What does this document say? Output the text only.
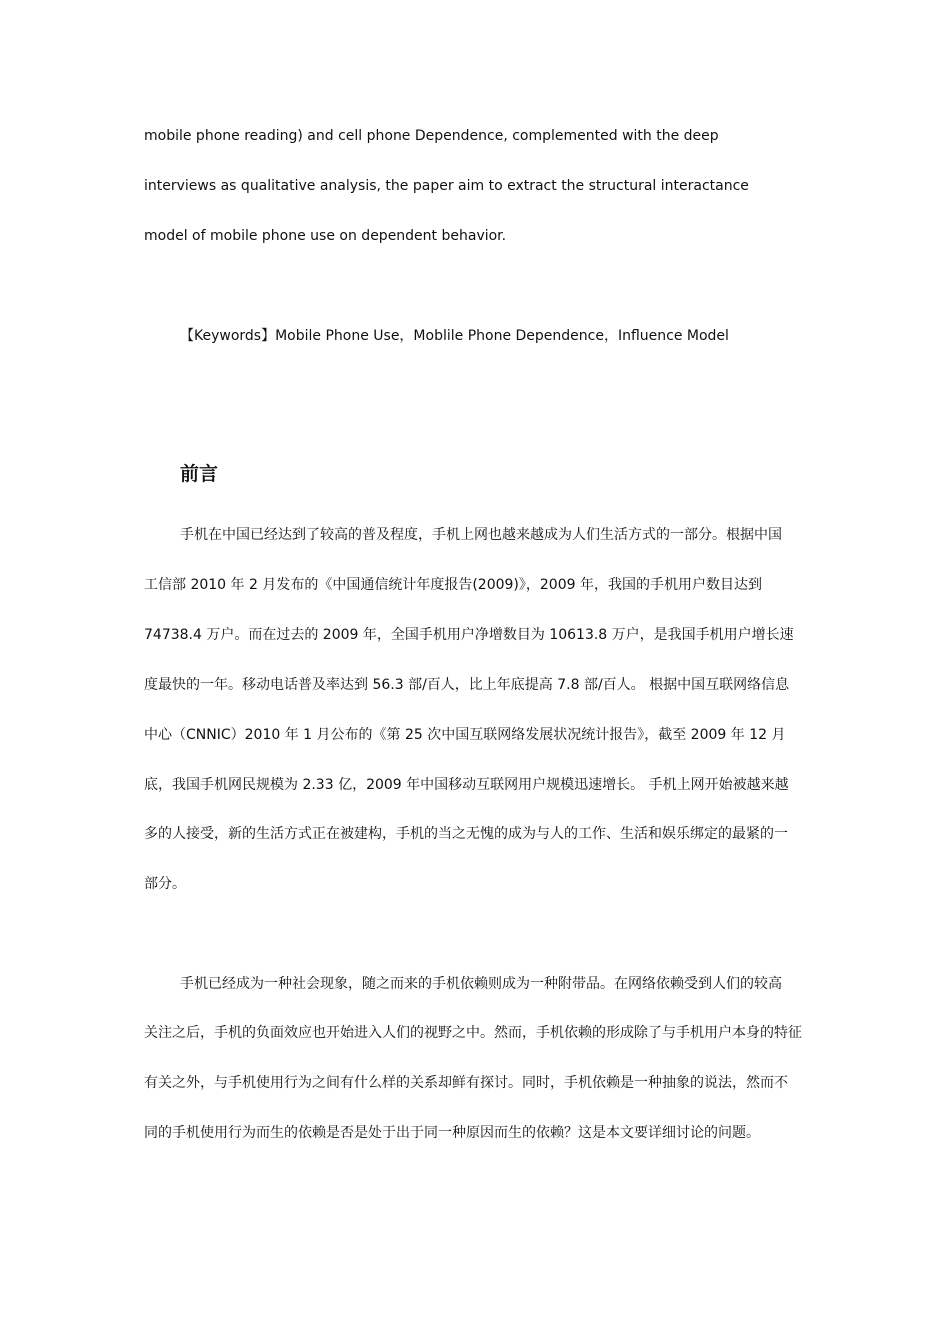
mobile phone reading) and cell phone Dependence, complemented with the deep
interviews as qualitative analysis, the paper aim to extract the structural interactance
model of mobile phone use on dependent behavior.
【Keywords】Mobile Phone Use，Moblile Phone Dependence，Influence Model
前言
手机在中国已经达到了较高的普及程度，手机上网也越来越成为人们生活方式的一部分。根据中国
工信部 2010 年 2 月发布的《中国通信统计年度报告(2009)》，2009 年，我国的手机用户数目达到
74738.4 万户。而在过去的 2009 年，全国手机用户净增数目为 10613.8 万户，是我国手机用户增长速
度最快的一年。移动电话普及率达到 56.3 部/百人，比上年底提高 7.8 部/百人。 根据中国互联网络信息
中心（CNNIC）2010 年 1 月公布的《第 25 次中国互联网络发展状况统计报告》，截至 2009 年 12 月
底，我国手机网民规模为 2.33 亿，2009 年中国移动互联网用户规模迅速增长。 手机上网开始被越来越
多的人接受，新的生活方式正在被建构，手机的当之无愧的成为与人的工作、生活和娱乐绑定的最紧的一
部分。
手机已经成为一种社会现象，随之而来的手机依赖则成为一种附带品。在网络依赖受到人们的较高
关注之后，手机的负面效应也开始进入人们的视野之中。然而，手机依赖的形成除了与手机用户本身的特征
有关之外，与手机使用行为之间有什么样的关系却鲜有探讨。同时，手机依赖是一种抽象的说法，然而不
同的手机使用行为而生的依赖是否是处于出于同一种原因而生的依赖？这是本文要详细讨论的问题。
